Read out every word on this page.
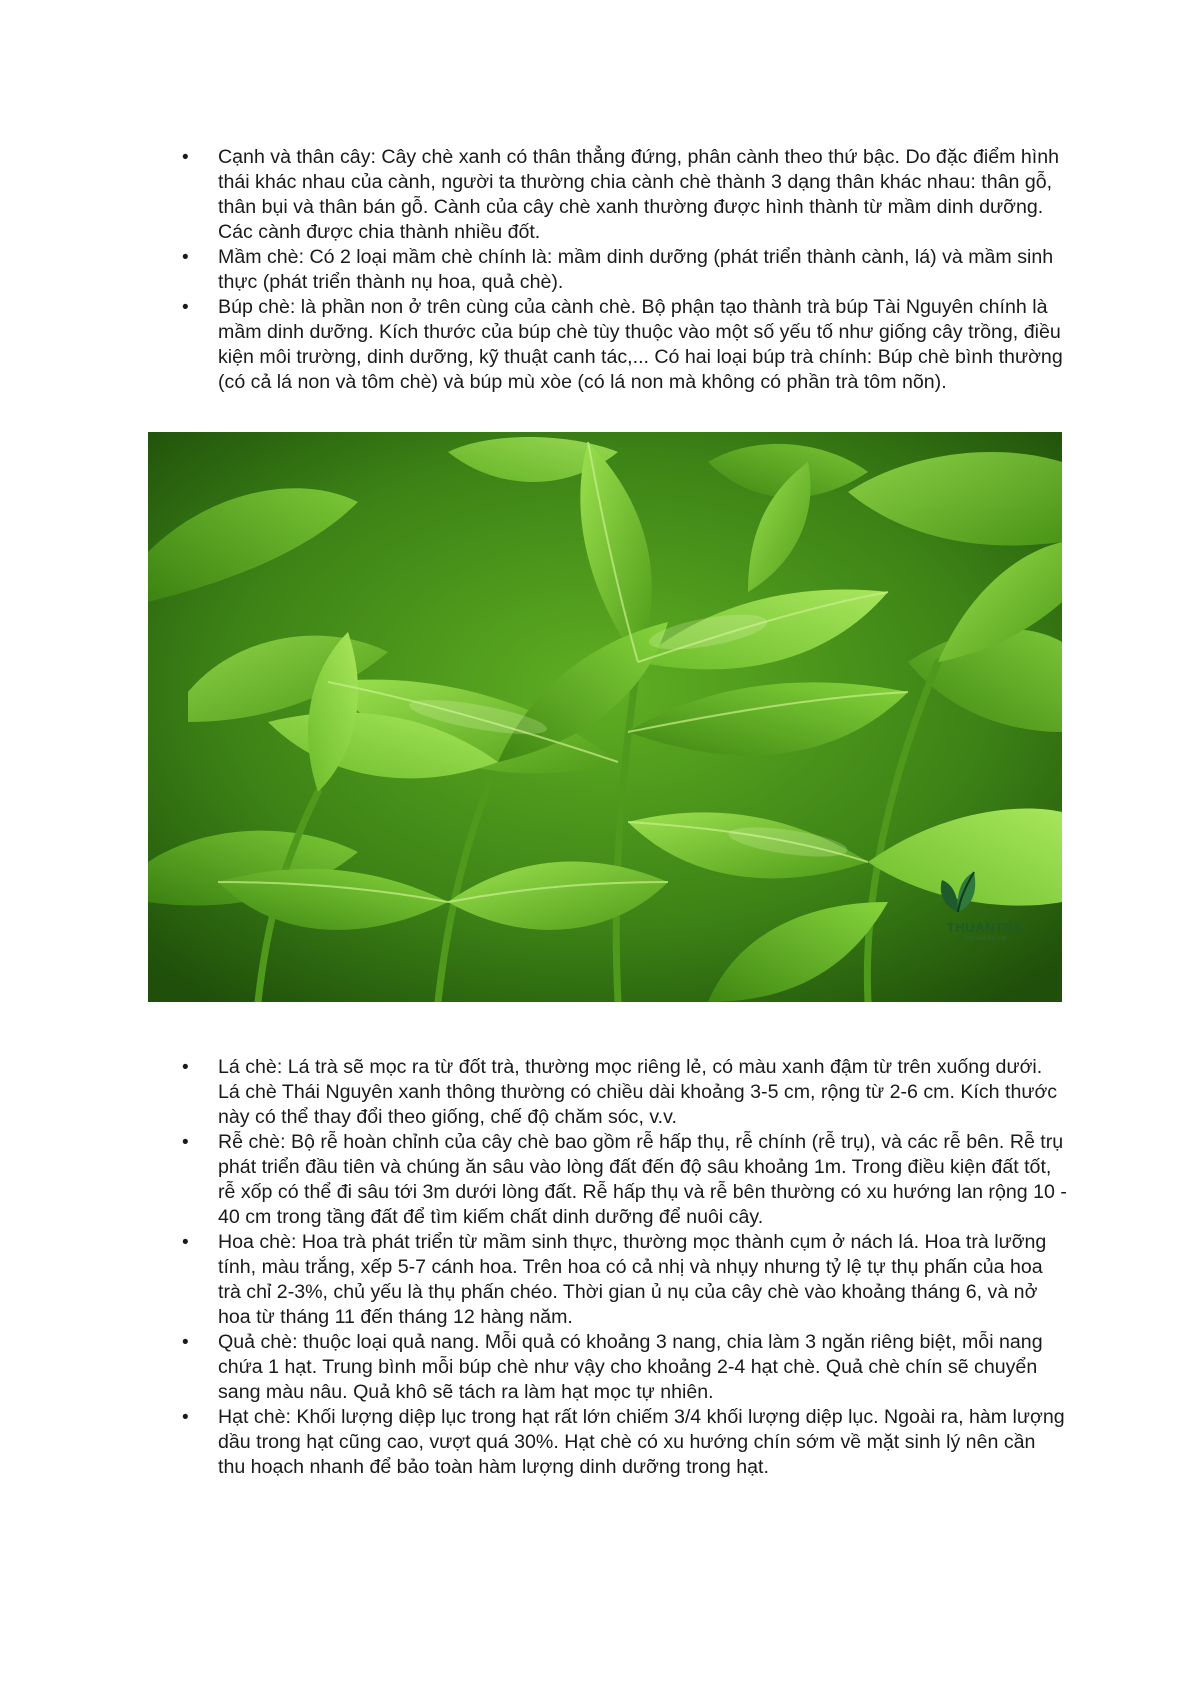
• Cạnh và thân cây: Cây chè xanh có thân thẳng đứng, phân cành theo thứ bậc. Do đặc điểm hình thái khác nhau của cành, người ta thường chia cành chè thành 3 dạng thân khác nhau: thân gỗ, thân bụi và thân bán gỗ. Cành của cây chè xanh thường được hình thành từ mầm dinh dưỡng. Các cành được chia thành nhiều đốt.
• Mầm chè: Có 2 loại mầm chè chính là: mầm dinh dưỡng (phát triển thành cành, lá) và mầm sinh thực (phát triển thành nụ hoa, quả chè).
• Búp chè: là phần non ở trên cùng của cành chè. Bộ phận tạo thành trà búp Tài Nguyên chính là mầm dinh dưỡng. Kích thước của búp chè tùy thuộc vào một số yếu tố như giống cây trồng, điều kiện môi trường, dinh dưỡng, kỹ thuật canh tác,... Có hai loại búp trà chính: Búp chè bình thường (có cả lá non và tôm chè) và búp mù xòe (có lá non mà không có phần trà tôm nõn).
THUANTRA
Tinh hoa trà Việt
• Lá chè: Lá trà sẽ mọc ra từ đốt trà, thường mọc riêng lẻ, có màu xanh đậm từ trên xuống dưới. Lá chè Thái Nguyên xanh thông thường có chiều dài khoảng 3-5 cm, rộng từ 2-6 cm. Kích thước này có thể thay đổi theo giống, chế độ chăm sóc, v.v.
• Rễ chè: Bộ rễ hoàn chỉnh của cây chè bao gồm rễ hấp thụ, rễ chính (rễ trụ), và các rễ bên. Rễ trụ phát triển đầu tiên và chúng ăn sâu vào lòng đất đến độ sâu khoảng 1m. Trong điều kiện đất tốt, rễ xốp có thể đi sâu tới 3m dưới lòng đất. Rễ hấp thụ và rễ bên thường có xu hướng lan rộng 10 - 40 cm trong tầng đất để tìm kiếm chất dinh dưỡng để nuôi cây.
• Hoa chè: Hoa trà phát triển từ mầm sinh thực, thường mọc thành cụm ở nách lá. Hoa trà lưỡng tính, màu trắng, xếp 5-7 cánh hoa. Trên hoa có cả nhị và nhụy nhưng tỷ lệ tự thụ phấn của hoa trà chỉ 2-3%, chủ yếu là thụ phấn chéo. Thời gian ủ nụ của cây chè vào khoảng tháng 6, và nở hoa từ tháng 11 đến tháng 12 hàng năm.
• Quả chè: thuộc loại quả nang. Mỗi quả có khoảng 3 nang, chia làm 3 ngăn riêng biệt, mỗi nang chứa 1 hạt. Trung bình mỗi búp chè như vậy cho khoảng 2-4 hạt chè. Quả chè chín sẽ chuyển sang màu nâu. Quả khô sẽ tách ra làm hạt mọc tự nhiên.
• Hạt chè: Khối lượng diệp lục trong hạt rất lớn chiếm 3/4 khối lượng diệp lục. Ngoài ra, hàm lượng dầu trong hạt cũng cao, vượt quá 30%. Hạt chè có xu hướng chín sớm về mặt sinh lý nên cần thu hoạch nhanh để bảo toàn hàm lượng dinh dưỡng trong hạt.
